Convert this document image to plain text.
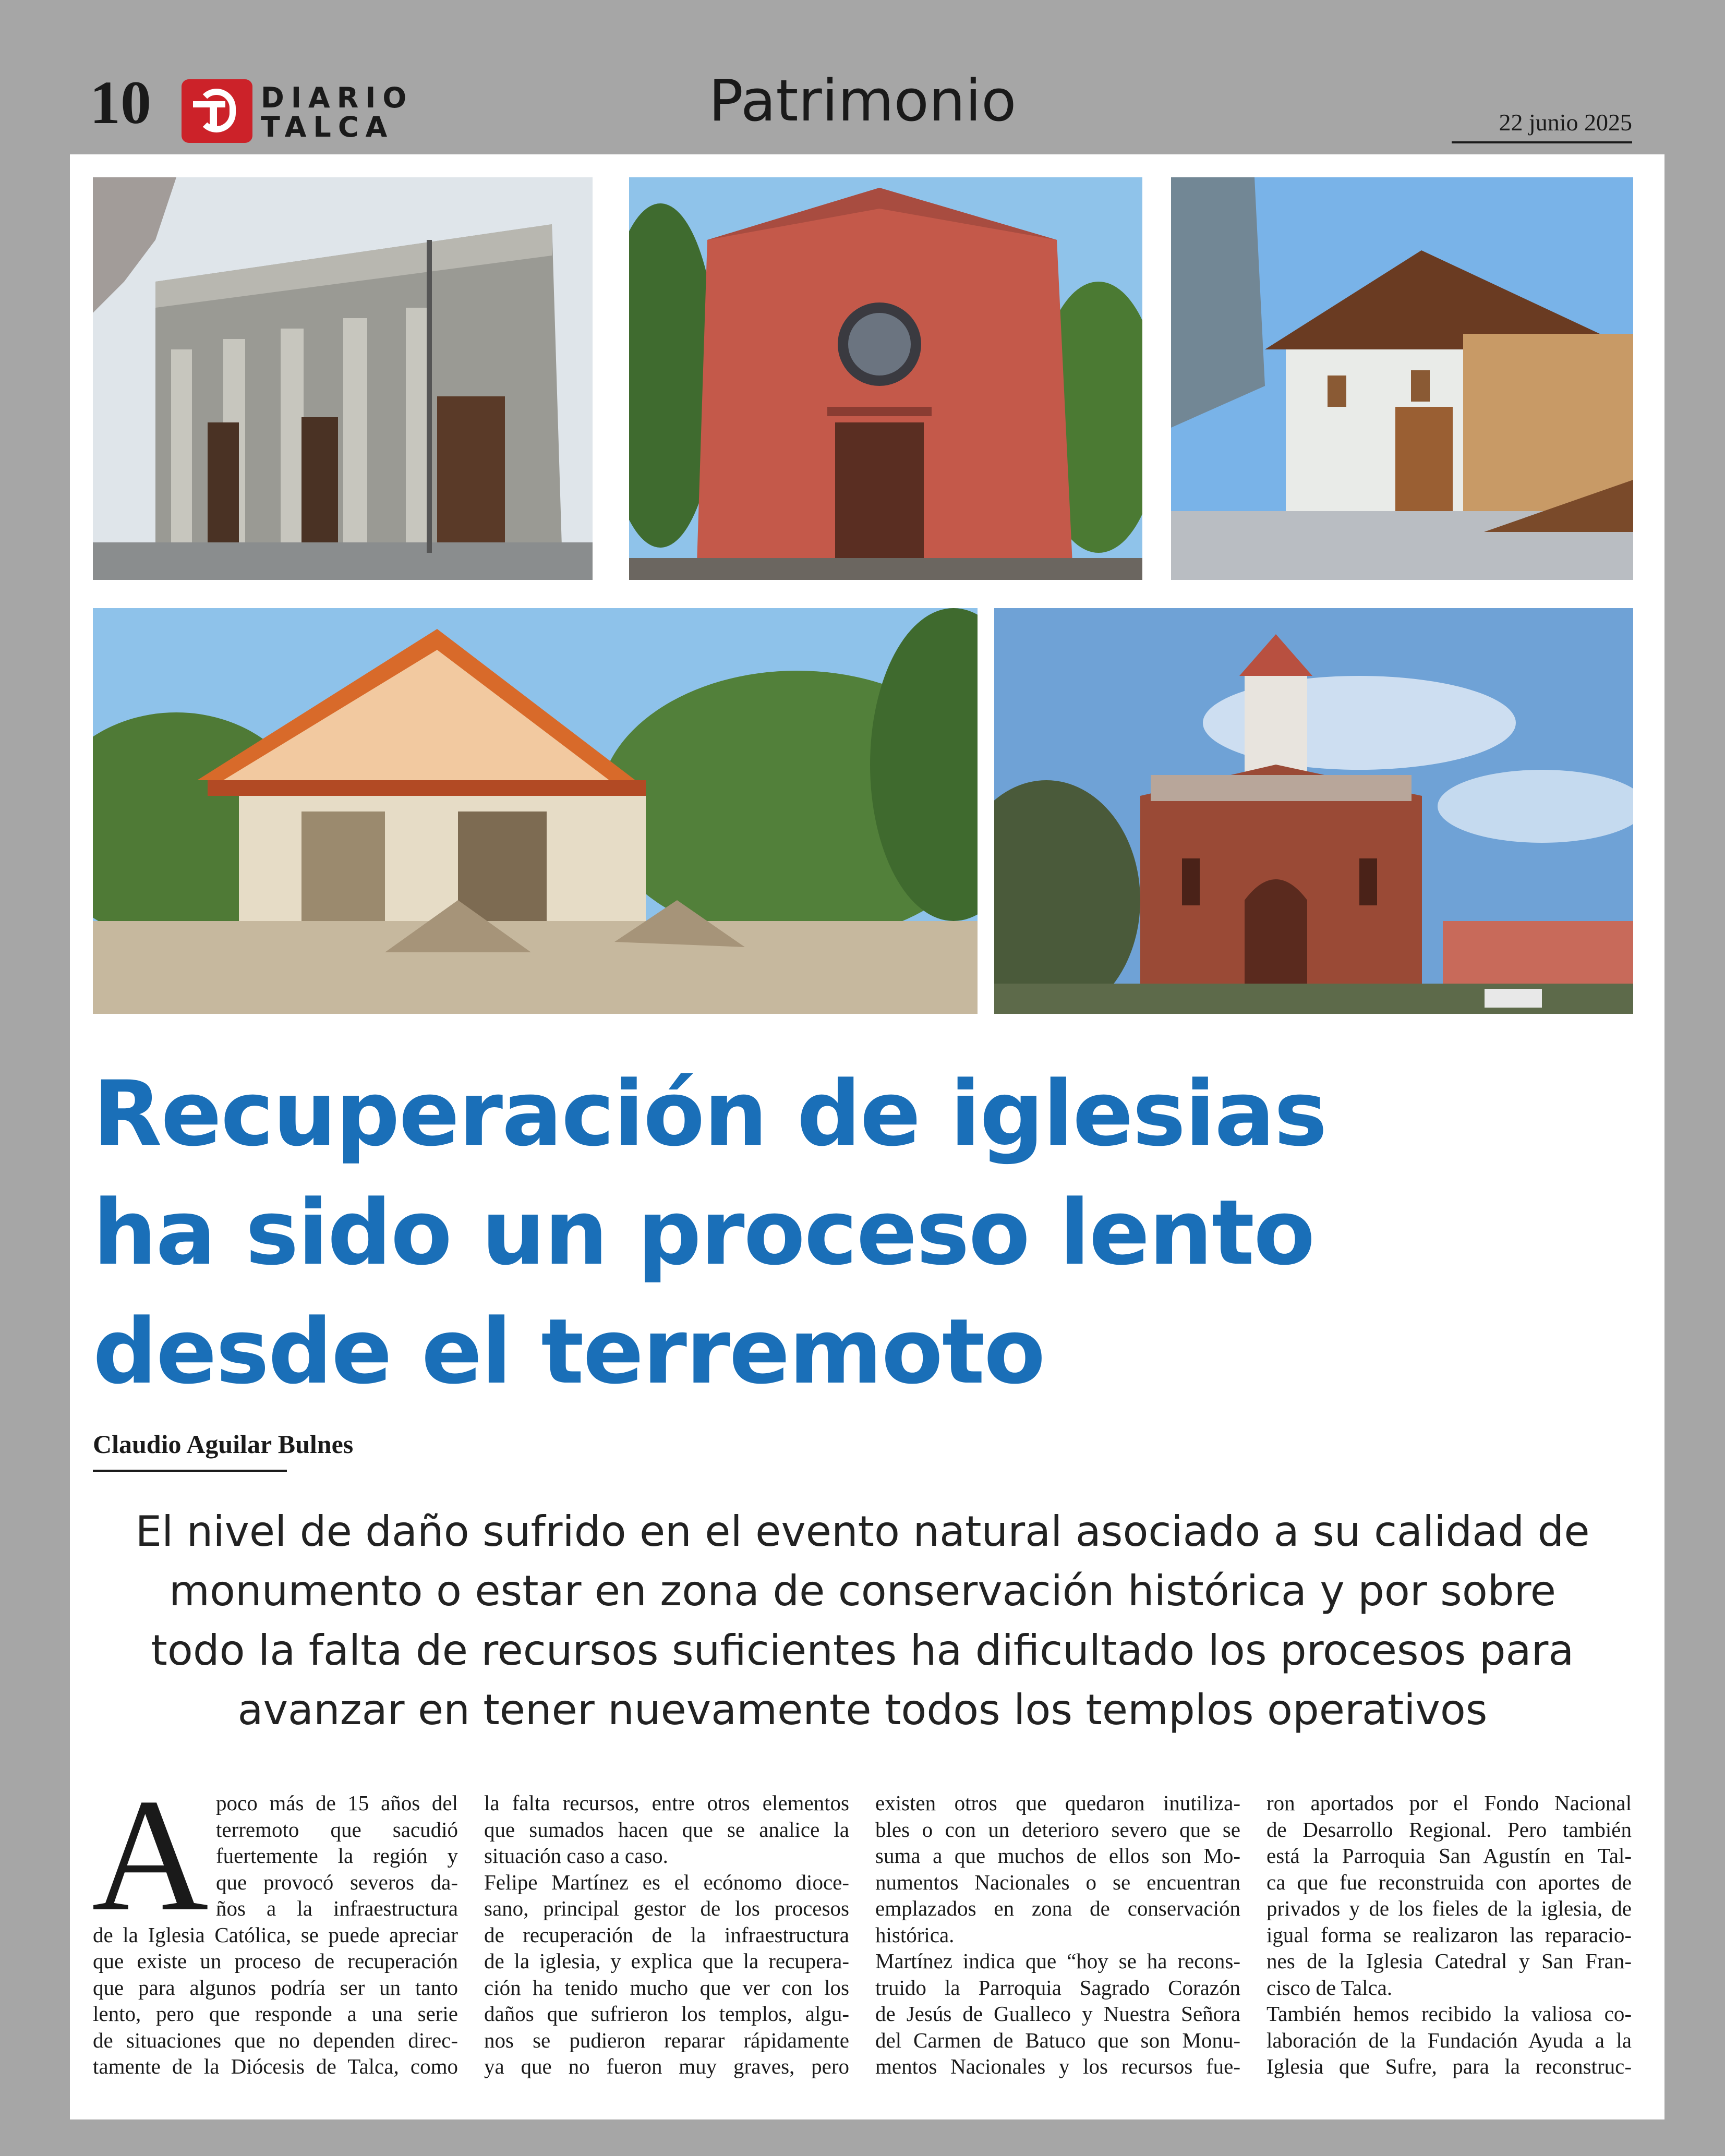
10	DIARIO
TALCA	Patrimonio	22 junio 2025
Recuperación de iglesias
ha sido un proceso lento
desde el terremoto
Claudio Aguilar Bulnes

El nivel de daño sufrido en el evento natural asociado a su calidad de
monumento o estar en zona de conservación histórica y por sobre
todo la falta de recursos suficientes ha dificultado los procesos para
avanzar en tener nuevamente todos los templos operativos

A poco más de 15 años del
terremoto que sacudió
fuertemente la región y
que provocó severos da-
ños a la infraestructura
de la Iglesia Católica, se puede apreciar
que existe un proceso de recuperación
que para algunos podría ser un tanto
lento, pero que responde a una serie
de situaciones que no dependen direc-
tamente de la Diócesis de Talca, como
la falta recursos, entre otros elementos
que sumados hacen que se analice la
situación caso a caso.
Felipe Martínez es el ecónomo dioce-
sano, principal gestor de los procesos
de recuperación de la infraestructura
de la iglesia, y explica que la recupera-
ción ha tenido mucho que ver con los
daños que sufrieron los templos, algu-
nos se pudieron reparar rápidamente
ya que no fueron muy graves, pero
existen otros que quedaron inutiliza-
bles o con un deterioro severo que se
suma a que muchos de ellos son Mo-
numentos Nacionales o se encuentran
emplazados en zona de conservación
histórica.
Martínez indica que “hoy se ha recons-
truido la Parroquia Sagrado Corazón
de Jesús de Gualleco y Nuestra Señora
del Carmen de Batuco que son Monu-
mentos Nacionales y los recursos fue-
ron aportados por el Fondo Nacional
de Desarrollo Regional. Pero también
está la Parroquia San Agustín en Tal-
ca que fue reconstruida con aportes de
privados y de los fieles de la iglesia, de
igual forma se realizaron las reparacio-
nes de la Iglesia Catedral y San Fran-
cisco de Talca.
También hemos recibido la valiosa co-
laboración de la Fundación Ayuda a la
Iglesia que Sufre, para la reconstruc-
